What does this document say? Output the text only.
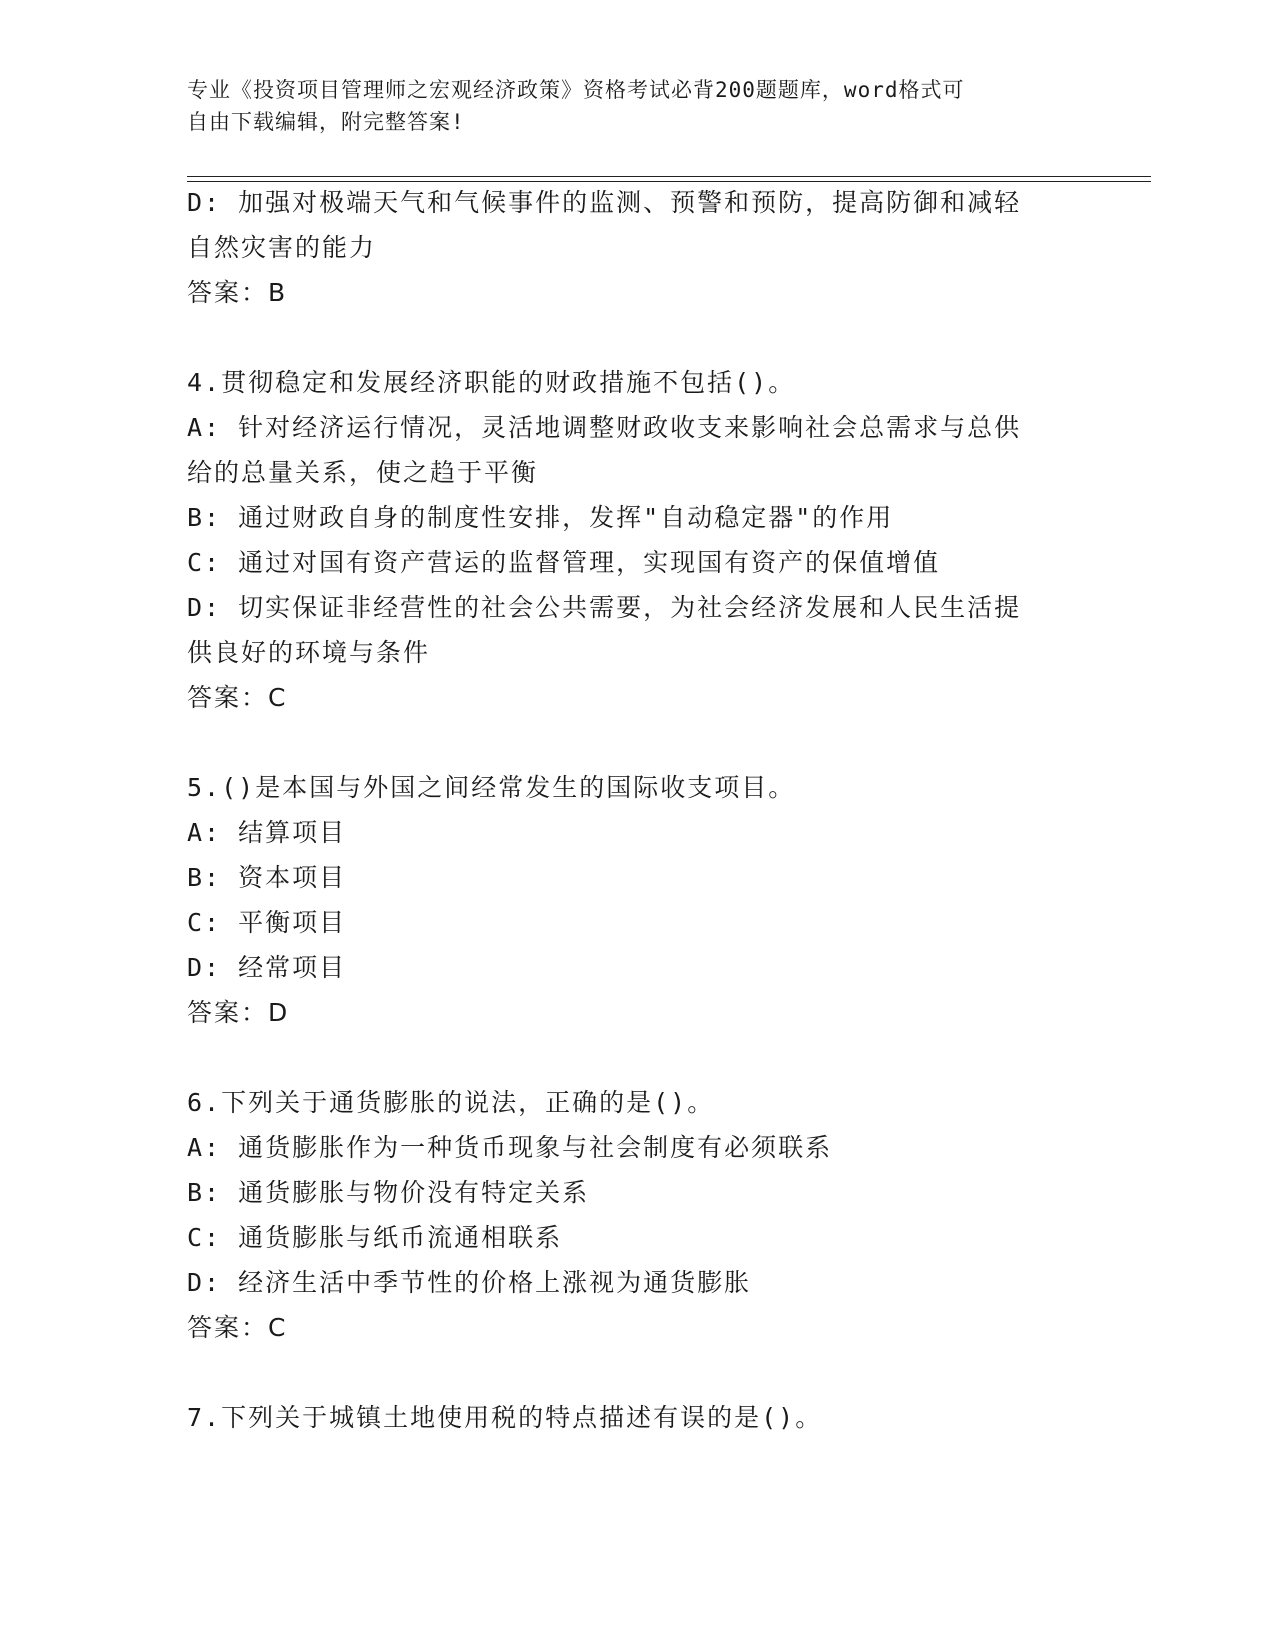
专业《投资项目管理师之宏观经济政策》资格考试必背200题题库，word格式可
自由下载编辑，附完整答案!
D: 加强对极端天气和气候事件的监测、预警和预防，提高防御和减轻
自然灾害的能力
答案：B
4.贯彻稳定和发展经济职能的财政措施不包括()。
A: 针对经济运行情况，灵活地调整财政收支来影响社会总需求与总供
给的总量关系，使之趋于平衡
B: 通过财政自身的制度性安排，发挥"自动稳定器"的作用
C: 通过对国有资产营运的监督管理，实现国有资产的保值增值
D: 切实保证非经营性的社会公共需要，为社会经济发展和人民生活提
供良好的环境与条件
答案：C
5.()是本国与外国之间经常发生的国际收支项目。
A: 结算项目
B: 资本项目
C: 平衡项目
D: 经常项目
答案：D
6.下列关于通货膨胀的说法，正确的是()。
A: 通货膨胀作为一种货币现象与社会制度有必须联系
B: 通货膨胀与物价没有特定关系
C: 通货膨胀与纸币流通相联系
D: 经济生活中季节性的价格上涨视为通货膨胀
答案：C
7.下列关于城镇土地使用税的特点描述有误的是()。
